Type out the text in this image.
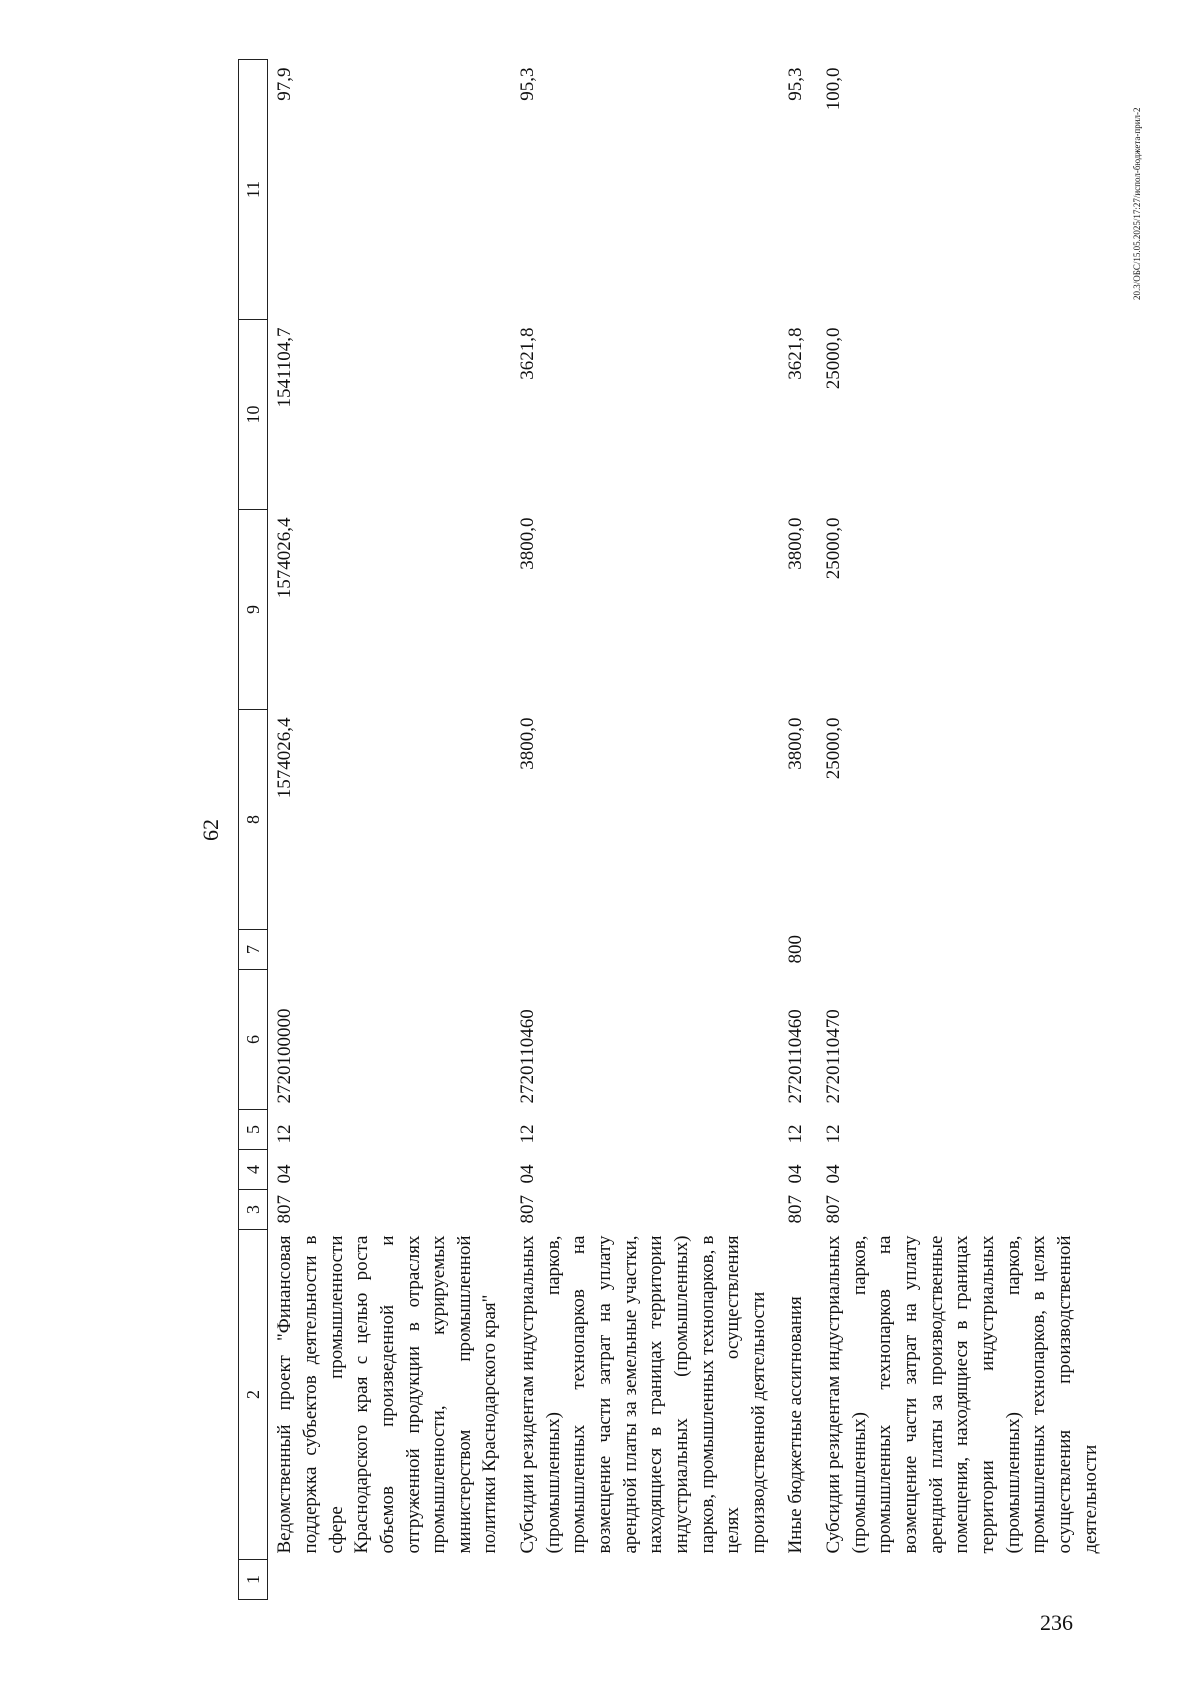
62
1	2	3	4	5	6	7	8	9	10	11
	Ведомственный проект "Финансовая поддержка субъектов деятельности в сфере промышленности Краснодарского края с целью роста объемов произведенной и отгруженной продукции в отраслях промышленности, курируемых министерством промышленной политики Краснодарского края"	807	04	12	2720100000		1574026,4	1574026,4	1541104,7	97,9

	Субсидии резидентам индустриальных (промышленных) парков, промышленных технопарков на возмещение части затрат на уплату арендной платы за земельные участки, находящиеся в границах территории индустриальных (промышленных) парков, промышленных технопарков, в целях осуществления производственной деятельности	807	04	12	2720110460		3800,0	3800,0	3621,8	95,3

	Иные бюджетные ассигнования	807	04	12	2720110460	800	3800,0	3800,0	3621,8	95,3

	Субсидии резидентам индустриальных (промышленных) парков, промышленных технопарков на возмещение части затрат на уплату арендной платы за производственные помещения, находящиеся в границах территории индустриальных (промышленных) парков, промышленных технопарков, в целях осуществления производственной деятельности	807	04	12	2720110470		25000,0	25000,0	25000,0	100,0
20.3/ОБС/15.05.2025/17:27/испол-бюджета-прил-2
236
